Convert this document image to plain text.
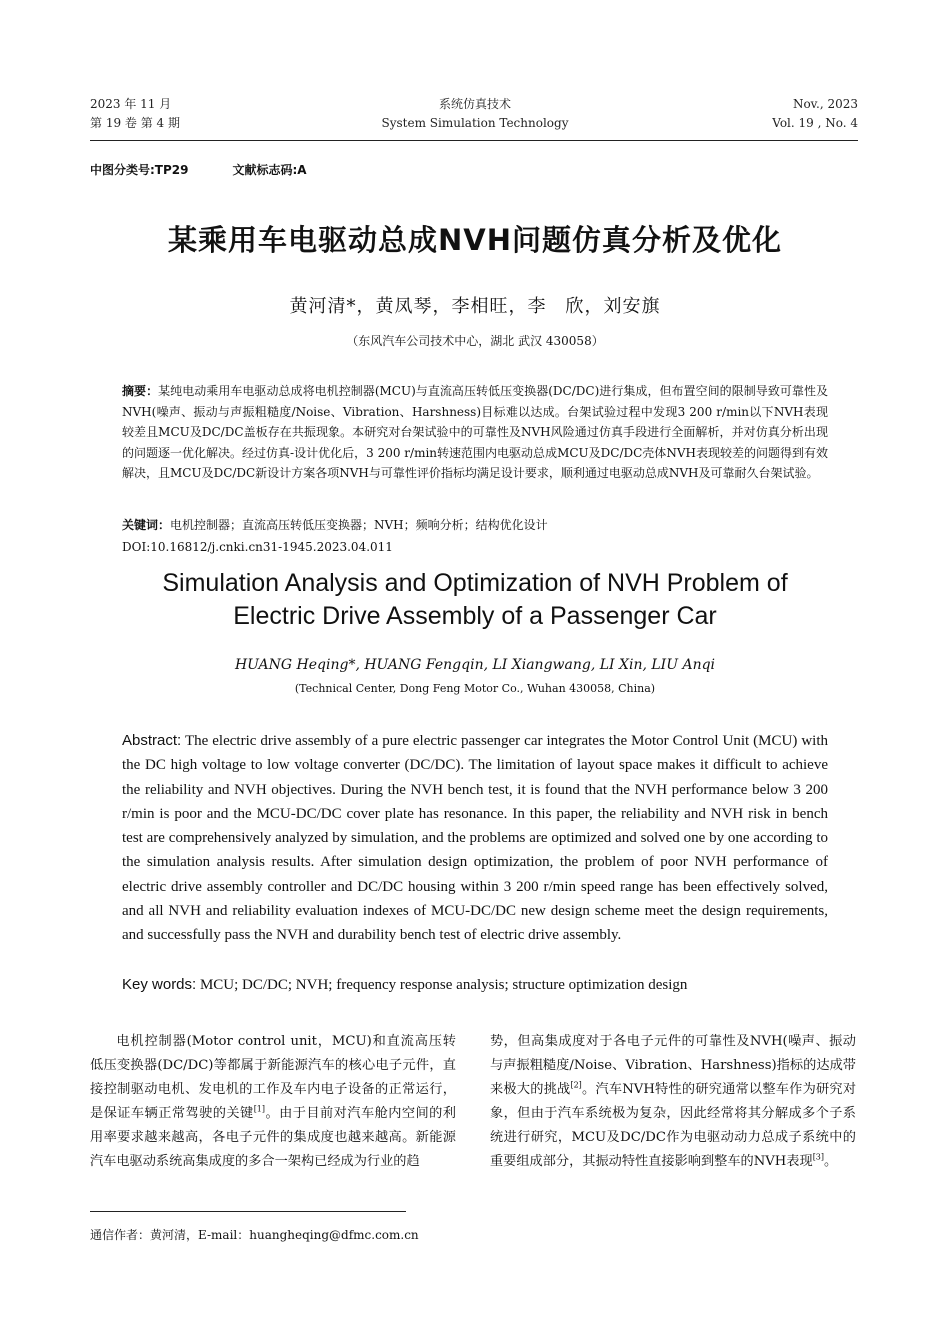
2023 年 11 月
第 19 卷 第 4 期
系统仿真技术
System Simulation Technology
Nov., 2023
Vol. 19 , No. 4
中图分类号:TP29	文献标志码:A
某乘用车电驱动总成NVH问题仿真分析及优化
黄河清*，黄凤琴，李相旺，李　欣，刘安旗
（东风汽车公司技术中心，湖北 武汉 430058）
摘要：某纯电动乘用车电驱动总成将电机控制器(MCU)与直流高压转低压变换器(DC/DC)进行集成，但布置空间的限制导致可靠性及NVH(噪声、振动与声振粗糙度/Noise、Vibration、Harshness)目标难以达成。台架试验过程中发现3 200 r/min以下NVH表现较差且MCU及DC/DC盖板存在共振现象。本研究对台架试验中的可靠性及NVH风险通过仿真手段进行全面解析，并对仿真分析出现的问题逐一优化解决。经过仿真-设计优化后，3 200 r/min转速范围内电驱动总成MCU及DC/DC壳体NVH表现较差的问题得到有效解决，且MCU及DC/DC新设计方案各项NVH与可靠性评价指标均满足设计要求，顺利通过电驱动总成NVH及可靠耐久台架试验。
关键词：电机控制器；直流高压转低压变换器；NVH；频响分析；结构优化设计
DOI:10.16812/j.cnki.cn31-1945.2023.04.011
Simulation Analysis and Optimization of NVH Problem of
Electric Drive Assembly of a Passenger Car
HUANG Heqing*, HUANG Fengqin, LI Xiangwang, LI Xin, LIU Anqi
(Technical Center, Dong Feng Motor Co., Wuhan 430058, China)
Abstract: The electric drive assembly of a pure electric passenger car integrates the Motor Control Unit (MCU) with the DC high voltage to low voltage converter (DC/DC). The limitation of layout space makes it difficult to achieve the reliability and NVH objectives. During the NVH bench test, it is found that the NVH performance below 3 200 r/min is poor and the MCU-DC/DC cover plate has resonance. In this paper, the reliability and NVH risk in bench test are comprehensively analyzed by simulation, and the problems are optimized and solved one by one according to the simulation analysis results. After simulation design optimization, the problem of poor NVH performance of electric drive assembly controller and DC/DC housing within 3 200 r/min speed range has been effectively solved, and all NVH and reliability evaluation indexes of MCU-DC/DC new design scheme meet the design requirements, and successfully pass the NVH and durability bench test of electric drive assembly.
Key words: MCU; DC/DC; NVH; frequency response analysis; structure optimization design

电机控制器(Motor control unit，MCU)和直流高压转低压变换器(DC/DC)等都属于新能源汽车的核心电子元件，直接控制驱动电机、发电机的工作及车内电子设备的正常运行，是保证车辆正常驾驶的关键[1]。由于目前对汽车舱内空间的利用率要求越来越高，各电子元件的集成度也越来越高。新能源汽车电驱动系统高集成度的多合一架构已经成为行业的趋

势，但高集成度对于各电子元件的可靠性及NVH(噪声、振动与声振粗糙度/Noise、Vibration、Harshness)指标的达成带来极大的挑战[2]。汽车NVH特性的研究通常以整车作为研究对象，但由于汽车系统极为复杂，因此经常将其分解成多个子系统进行研究，MCU及DC/DC作为电驱动动力总成子系统中的重要组成部分，其振动特性直接影响到整车的NVH表现[3]。

通信作者：黄河清，E-mail：huangheqing@dfmc.com.cn
